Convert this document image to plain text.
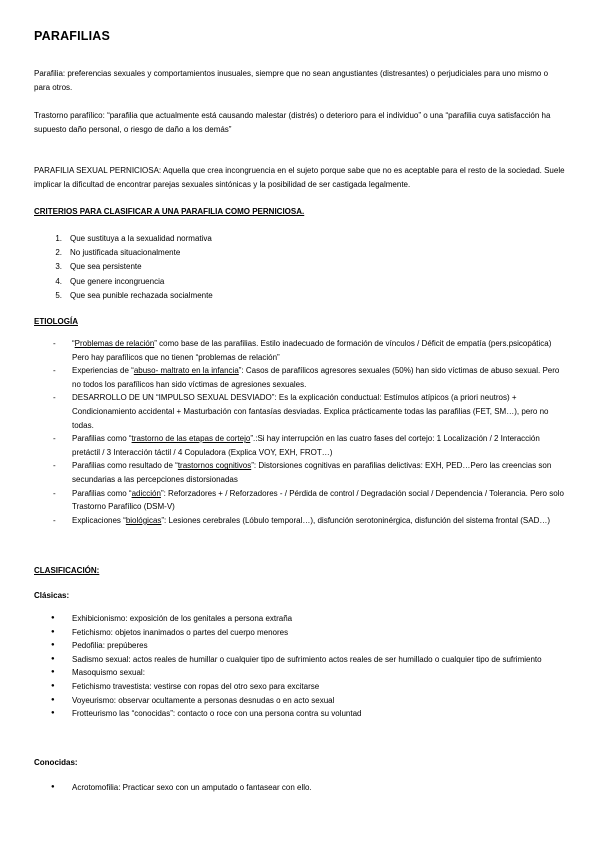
PARAFILIAS
Parafilia: preferencias sexuales y comportamientos inusuales, siempre que no sean angustiantes (distresantes) o perjudiciales para uno mismo o para otros.
Trastorno parafílico: “parafilia que actualmente está causando malestar (distrés) o deterioro para el individuo” o una “parafilia cuya satisfacción ha supuesto daño personal, o riesgo de daño a los demás”
PARAFILIA SEXUAL PERNICIOSA: Aquella que crea incongruencia en el sujeto porque sabe que no es aceptable para el resto de la sociedad. Suele implicar la dificultad de encontrar parejas sexuales sintónicas y la posibilidad de ser castigada legalmente.
CRITERIOS PARA CLASIFICAR A UNA PARAFILIA COMO PERNICIOSA.
1. Que sustituya a la sexualidad normativa
2. No justificada situacionalmente
3. Que sea persistente
4. Que genere incongruencia
5. Que sea punible rechazada socialmente
ETIOLOGÍA
- “Problemas de relación” como base de las parafilias. Estilo inadecuado de formación de vínculos / Déficit de empatía (pers.psicopática) Pero hay parafílicos que no tienen “problemas de relación”
- Experiencias de “abuso- maltrato en la infancia”: Casos de parafílicos agresores sexuales (50%) han sido víctimas de abuso sexual. Pero no todos los parafílicos han sido víctimas de agresiones sexuales.
- DESARROLLO DE UN “IMPULSO SEXUAL DESVIADO”: Es la explicación conductual: Estímulos atípicos (a priori neutros) + Condicionamiento accidental + Masturbación con fantasías desviadas. Explica prácticamente todas las parafilias (FET, SM…), pero no todas.
- Parafilias como “trastorno de las etapas de cortejo”.:Si hay interrupción en las cuatro fases del cortejo: 1 Localización / 2 Interacción pretáctil / 3 Interacción táctil / 4 Copuladora (Explica VOY, EXH, FROT…)
- Parafilias como resultado de “trastornos cognitivos”: Distorsiones cognitivas en parafilias delictivas: EXH, PED…Pero las creencias son secundarias a las percepciones distorsionadas
- Parafilias como “adicción”: Reforzadores + / Reforzadores - / Pérdida de control / Degradación social / Dependencia / Tolerancia. Pero solo Trastorno Parafílico (DSM-V)
- Explicaciones “biológicas”: Lesiones cerebrales (Lóbulo temporal…), disfunción serotoninérgica, disfunción del sistema frontal (SAD…)
CLASIFICACIÓN:
Clásicas:
● Exhibicionismo: exposición de los genitales a persona extraña
● Fetichismo: objetos inanimados o partes del cuerpo menores
● Pedofilia: prepúberes
● Sadismo sexual: actos reales de humillar o cualquier tipo de sufrimiento actos reales de ser humillado o cualquier tipo de sufrimiento
● Masoquismo sexual:
● Fetichismo travestista: vestirse con ropas del otro sexo para excitarse
● Voyeurismo: observar ocultamente a personas desnudas o en acto sexual
● Frotteurismo las “conocidas”: contacto o roce con una persona contra su voluntad
Conocidas:
● Acrotomofilia: Practicar sexo con un amputado o fantasear con ello.
